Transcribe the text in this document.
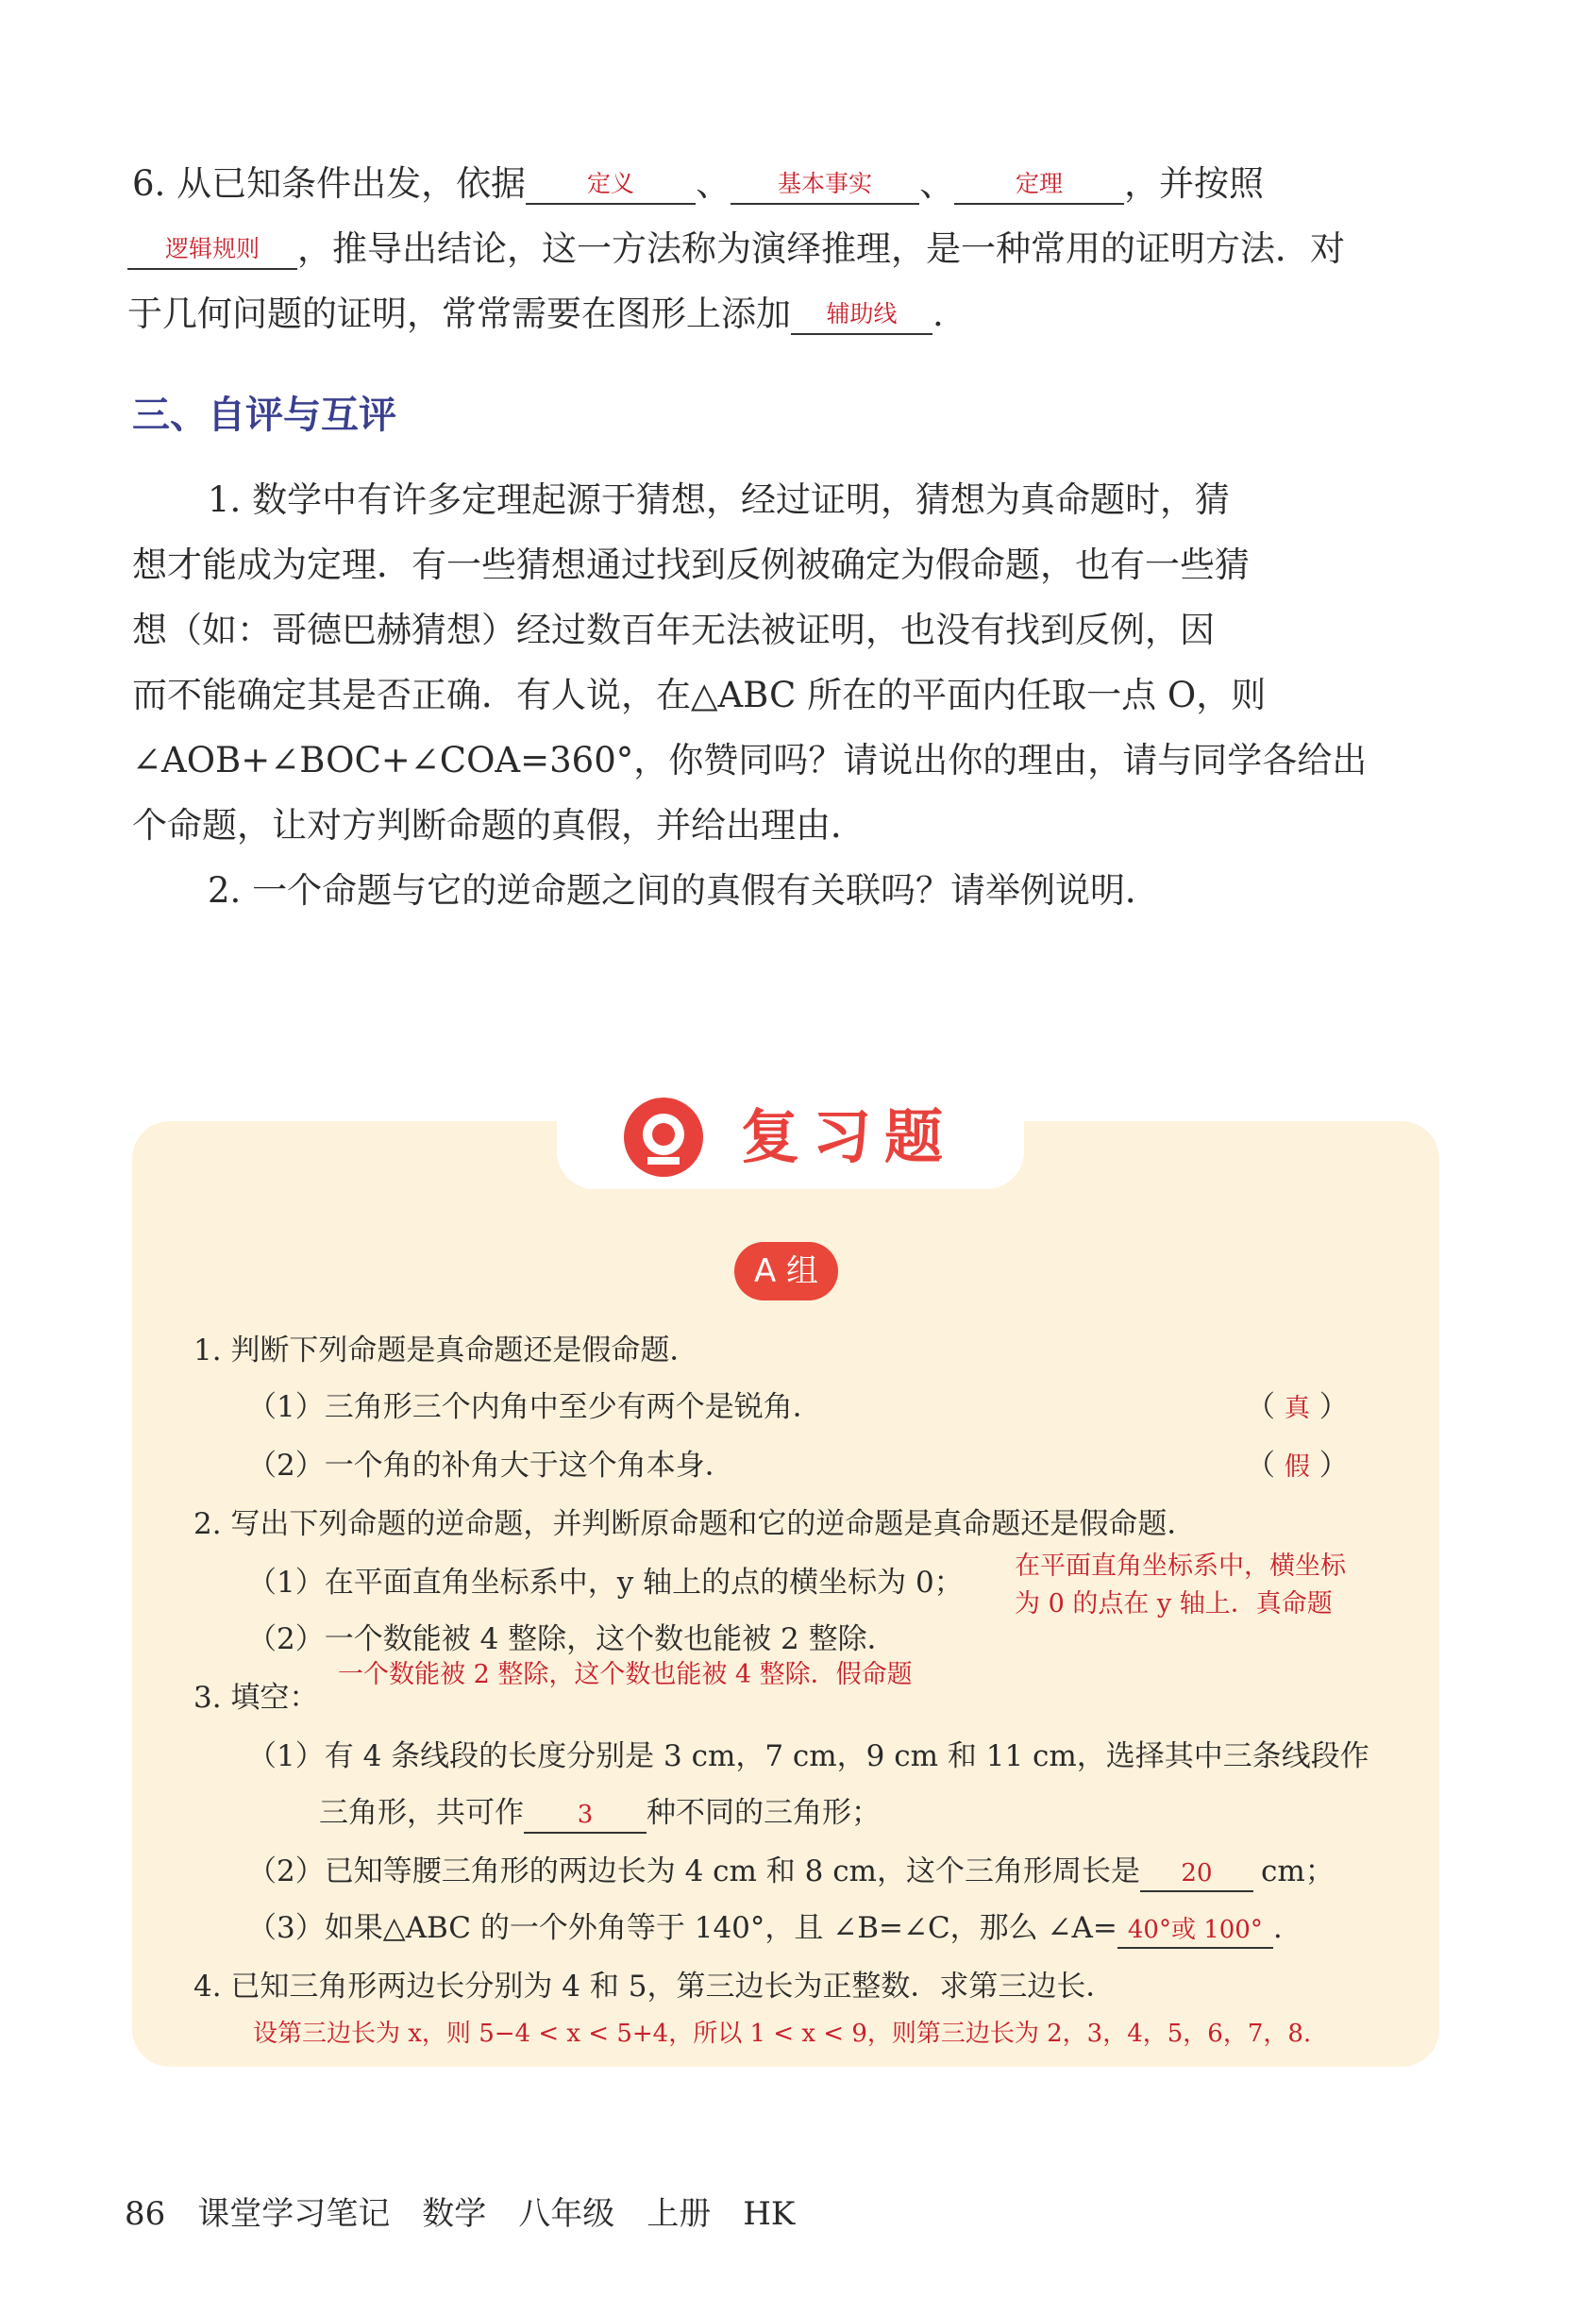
6. 从已知条件出发，依据	定义 、 基本事实 、	定理 ，并按照
逻辑规则 ，推导出结论，这一方法称为演绎推理，是一种常用的证明方法．对
于几何问题的证明，常常需要在图形上添加 辅助线 .
三、自评与互评
1. 数学中有许多定理起源于猜想，经过证明，猜想为真命题时，猜
想才能成为定理．有一些猜想通过找到反例被确定为假命题，也有一些猜
想（如：哥德巴赫猜想）经过数百年无法被证明，也没有找到反例，因
而不能确定其是否正确．有人说，在△ABC 所在的平面内任取一点 O，则
∠AOB+∠BOC+∠COA=360°，你赞同吗？请说出你的理由，请与同学各给出
个命题，让对方判断命题的真假，并给出理由．
2. 一个命题与它的逆命题之间的真假有关联吗？请举例说明．
复习题
A 组
1. 判断下列命题是真命题还是假命题．
（1）三角形三个内角中至少有两个是锐角．	（ 真 ）
（2）一个角的补角大于这个角本身．	（ 假 ）
2. 写出下列命题的逆命题，并判断原命题和它的逆命题是真命题还是假命题．
（1）在平面直角坐标系中，y 轴上的点的横坐标为 0； 在平面直角坐标系中，横坐标
为 0 的点在 y 轴上．真命题
（2）一个数能被 4 整除，这个数也能被 2 整除．
一个数能被 2 整除，这个数也能被 4 整除．假命题
3. 填空：
（1）有 4 条线段的长度分别是 3 cm，7 cm，9 cm 和 11 cm，选择其中三条线段作
三角形，共可作 3 种不同的三角形；
（2）已知等腰三角形的两边长为 4 cm 和 8 cm，这个三角形周长是 20 cm；
（3）如果△ABC 的一个外角等于 140°，且 ∠B=∠C，那么 ∠A= 40°或 100° .
4. 已知三角形两边长分别为 4 和 5，第三边长为正整数．求第三边长．
设第三边长为 x，则 5−4 < x < 5+4，所以 1 < x < 9，则第三边长为 2，3，4，5，6，7，8.
86 课堂学习笔记 数学 八年级 上册 HK
